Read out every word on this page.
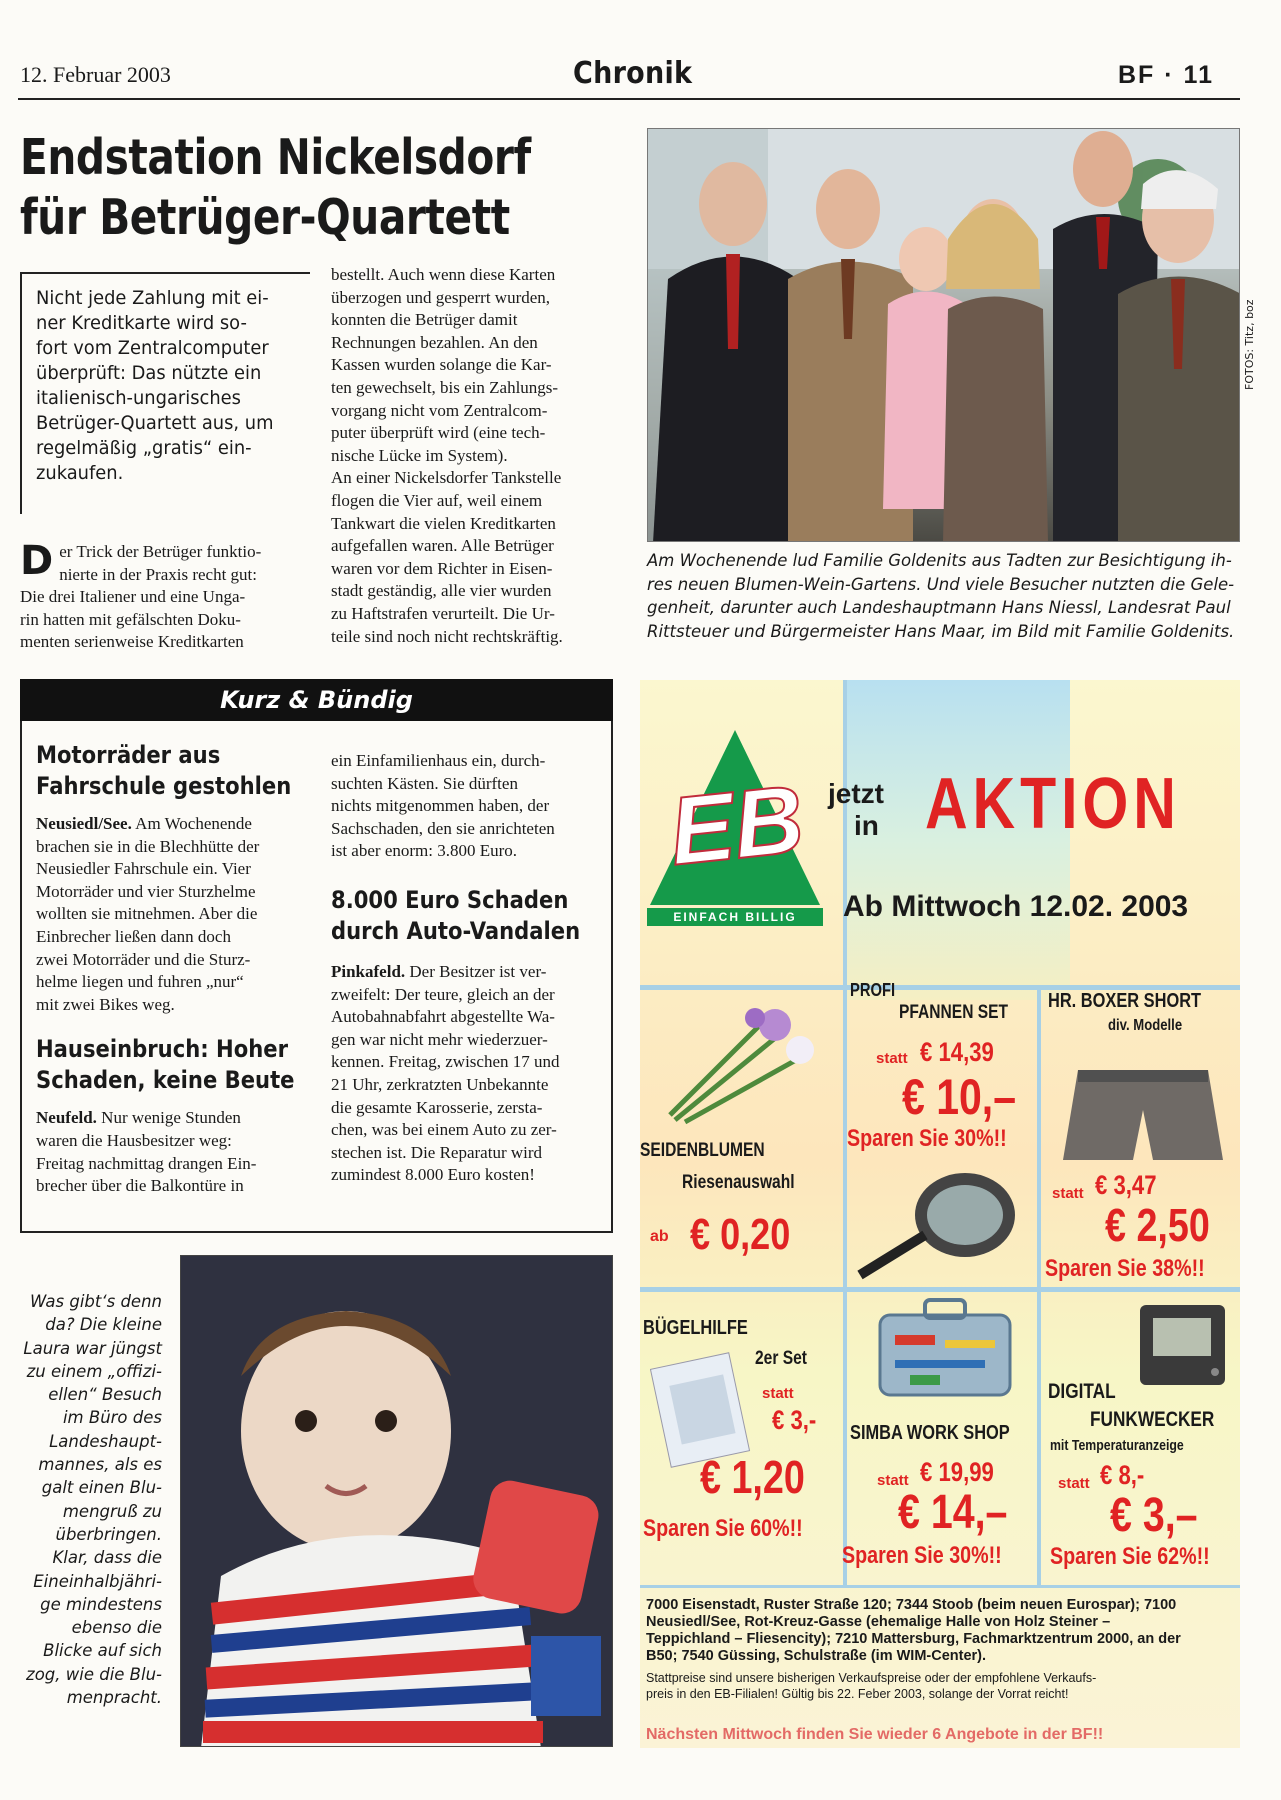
12. Februar 2003	Chronik	BF · 11
Endstation Nickelsdorf
für Betrüger-Quartett
Nicht jede Zahlung mit ei-
ner Kreditkarte wird so-
fort vom Zentralcomputer
überprüft: Das nützte ein
italienisch-ungarisches
Betrüger-Quartett aus, um
regelmäßig „gratis“ ein-
zukaufen.
D er Trick der Betrüger funktio-
nierte in der Praxis recht gut:
Die drei Italiener und eine Unga-
rin hatten mit gefälschten Doku-
menten serienweise Kreditkarten
bestellt. Auch wenn diese Karten
überzogen und gesperrt wurden,
konnten die Betrüger damit
Rechnungen bezahlen. An den
Kassen wurden solange die Kar-
ten gewechselt, bis ein Zahlungs-
vorgang nicht vom Zentralcom-
puter überprüft wird (eine tech-
nische Lücke im System).
An einer Nickelsdorfer Tankstelle
flogen die Vier auf, weil einem
Tankwart die vielen Kreditkarten
aufgefallen waren. Alle Betrüger
waren vor dem Richter in Eisen-
stadt geständig, alle vier wurden
zu Haftstrafen verurteilt. Die Ur-
teile sind noch nicht rechtskräftig.
FOTOS: Titz, boz
Am Wochenende lud Familie Goldenits aus Tadten zur Besichtigung ih-
res neuen Blumen-Wein-Gartens. Und viele Besucher nutzten die Gele-
genheit, darunter auch Landeshauptmann Hans Niessl, Landesrat Paul
Rittsteuer und Bürgermeister Hans Maar, im Bild mit Familie Goldenits.
Kurz & Bündig
Motorräder aus
Fahrschule gestohlen
Neusiedl/See. Am Wochenende
brachen sie in die Blechhütte der
Neusiedler Fahrschule ein. Vier
Motorräder und vier Sturzhelme
wollten sie mitnehmen. Aber die
Einbrecher ließen dann doch
zwei Motorräder und die Sturz-
helme liegen und fuhren „nur“
mit zwei Bikes weg.
Hauseinbruch: Hoher
Schaden, keine Beute
Neufeld. Nur wenige Stunden
waren die Hausbesitzer weg:
Freitag nachmittag drangen Ein-
brecher über die Balkontüre in
ein Einfamilienhaus ein, durch-
suchten Kästen. Sie dürften
nichts mitgenommen haben, der
Sachschaden, den sie anrichteten
ist aber enorm: 3.800 Euro.
8.000 Euro Schaden
durch Auto-Vandalen
Pinkafeld. Der Besitzer ist ver-
zweifelt: Der teure, gleich an der
Autobahnabfahrt abgestellte Wa-
gen war nicht mehr wiederzuer-
kennen. Freitag, zwischen 17 und
21 Uhr, zerkratzten Unbekannte
die gesamte Karosserie, zersta-
chen, was bei einem Auto zu zer-
stechen ist. Die Reparatur wird
zumindest 8.000 Euro kosten!
Was gibt‘s denn
da? Die kleine
Laura war jüngst
zu einem „offizi-
ellen“ Besuch
im Büro des
Landeshaupt-
mannes, als es
galt einen Blu-
mengruß zu
überbringen.
Klar, dass die
Eineinhalbjähri-
ge mindestens
ebenso die
Blicke auf sich
zog, wie die Blu-
menpracht.
EB
EINFACH BILLIG
jetzt
in AKTION
Ab Mittwoch 12.02. 2003
SEIDENBLUMEN
Riesenauswahl
ab € 0,20
PROFI
PFANNEN SET
statt € 14,39
€ 10,–
Sparen Sie 30%!!
HR. BOXER SHORT
div. Modelle
statt € 3,47
€ 2,50
Sparen Sie 38%!!
BÜGELHILFE
2er Set
statt
€ 3,-
€ 1,20
Sparen Sie 60%!!
SIMBA WORK SHOP
statt € 19,99
€ 14,–
Sparen Sie 30%!!
DIGITAL
FUNKWECKER
mit Temperaturanzeige
statt € 8,-
€ 3,–
Sparen Sie 62%!!
7000 Eisenstadt, Ruster Straße 120; 7344 Stoob (beim neuen Eurospar); 7100
Neusiedl/See, Rot-Kreuz-Gasse (ehemalige Halle von Holz Steiner –
Teppichland – Fliesencity); 7210 Mattersburg, Fachmarktzentrum 2000, an der
B50; 7540 Güssing, Schulstraße (im WIM-Center).
Stattpreise sind unsere bisherigen Verkaufspreise oder der empfohlene Verkaufs-
preis in den EB-Filialen! Gültig bis 22. Feber 2003, solange der Vorrat reicht!
Nächsten Mittwoch finden Sie wieder 6 Angebote in der BF!!
